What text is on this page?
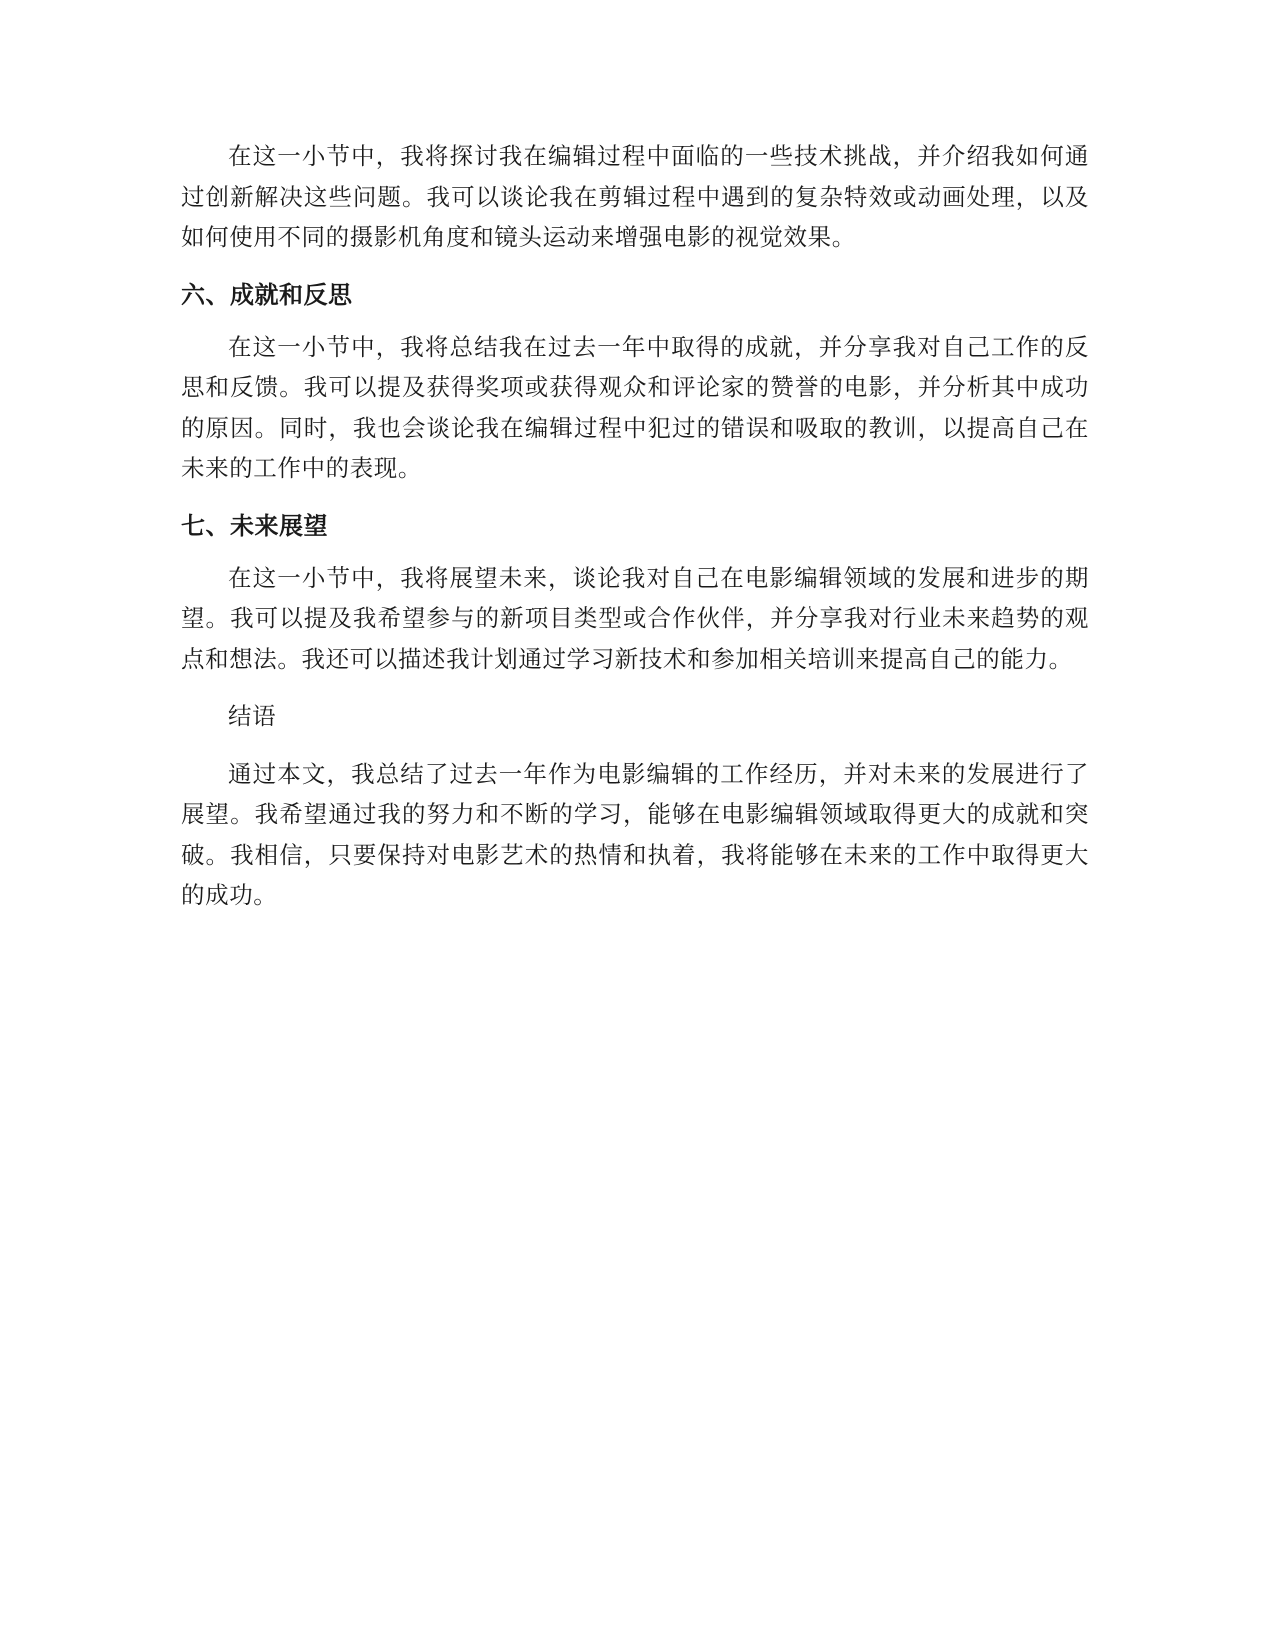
在这一小节中，我将探讨我在编辑过程中面临的一些技术挑战，并介绍我如何通过创新解决这些问题。我可以谈论我在剪辑过程中遇到的复杂特效或动画处理，以及如何使用不同的摄影机角度和镜头运动来增强电影的视觉效果。

六、成就和反思

在这一小节中，我将总结我在过去一年中取得的成就，并分享我对自己工作的反思和反馈。我可以提及获得奖项或获得观众和评论家的赞誉的电影，并分析其中成功的原因。同时，我也会谈论我在编辑过程中犯过的错误和吸取的教训，以提高自己在未来的工作中的表现。

七、未来展望

在这一小节中，我将展望未来，谈论我对自己在电影编辑领域的发展和进步的期望。我可以提及我希望参与的新项目类型或合作伙伴，并分享我对行业未来趋势的观点和想法。我还可以描述我计划通过学习新技术和参加相关培训来提高自己的能力。

结语

通过本文，我总结了过去一年作为电影编辑的工作经历，并对未来的发展进行了展望。我希望通过我的努力和不断的学习，能够在电影编辑领域取得更大的成就和突破。我相信，只要保持对电影艺术的热情和执着，我将能够在未来的工作中取得更大的成功。
